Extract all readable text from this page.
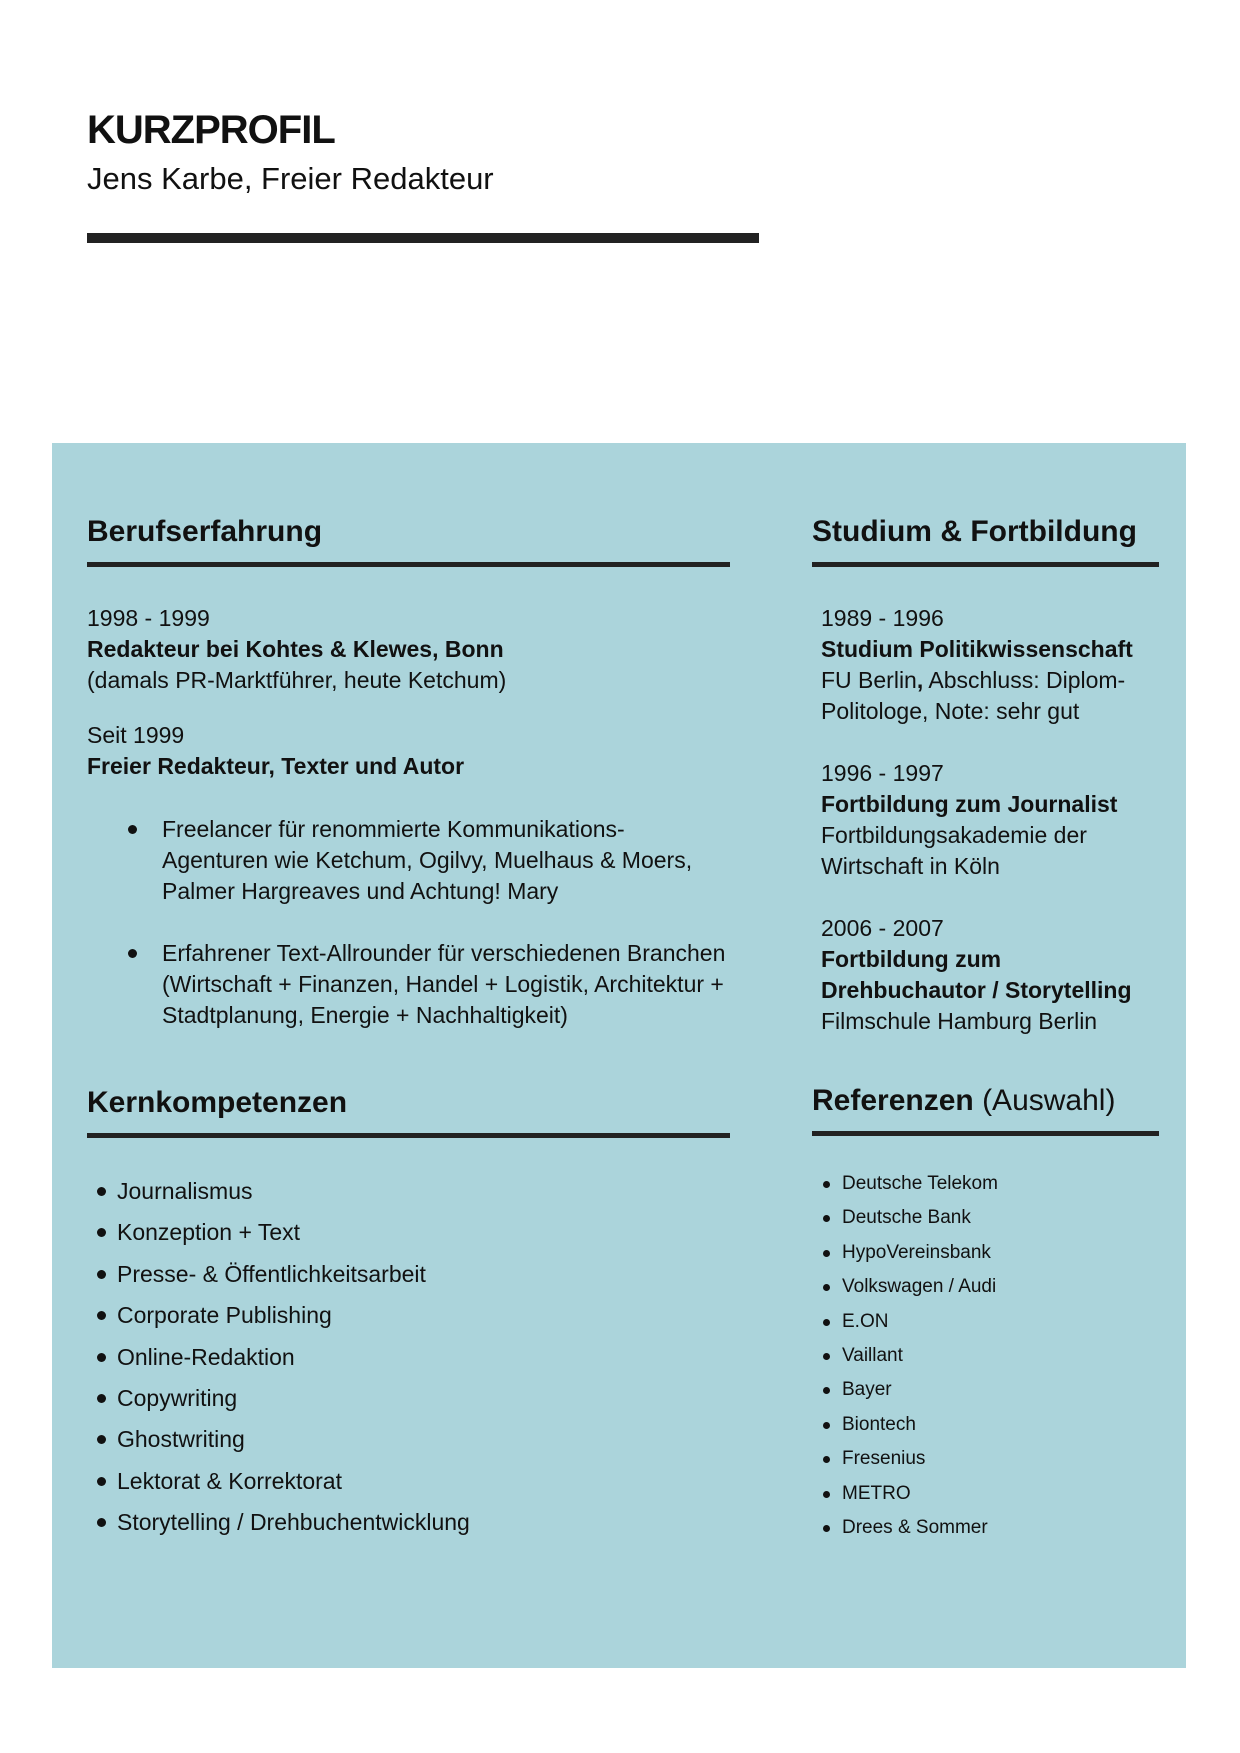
KURZPROFIL
Jens Karbe, Freier Redakteur
Berufserfahrung

1998 - 1999

Redakteur bei Kohtes & Klewes, Bonn

(damals PR-Marktführer, heute Ketchum)

Seit 1999

Freier Redakteur, Texter und Autor

Freelancer für renommierte Kommunikations-Agenturen wie Ketchum, Ogilvy, Muelhaus & Moers, Palmer Hargreaves und Achtung! Mary
Erfahrener Text-Allrounder für verschiedenen Branchen (Wirtschaft + Finanzen, Handel + Logistik, Architektur + Stadtplanung, Energie + Nachhaltigkeit)
Studium & Fortbildung

1989 - 1996

Studium Politikwissenschaft

FU Berlin, Abschluss: Diplom-Politologe, Note: sehr gut

1996 - 1997

Fortbildung zum Journalist

Fortbildungsakademie der Wirtschaft in Köln

2006 - 2007

Fortbildung zum Drehbuchautor / Storytelling

Filmschule Hamburg Berlin

Kernkompetenzen
Journalismus
Konzeption + Text
Presse- & Öffentlichkeitsarbeit
Corporate Publishing
Online-Redaktion
Copywriting
Ghostwriting
Lektorat & Korrektorat
Storytelling / Drehbuchentwicklung
Referenzen (Auswahl)
Deutsche Telekom
Deutsche Bank
HypoVereinsbank
Volkswagen / Audi
E.ON
Vaillant
Bayer
Biontech
Fresenius
METRO
Drees & Sommer
